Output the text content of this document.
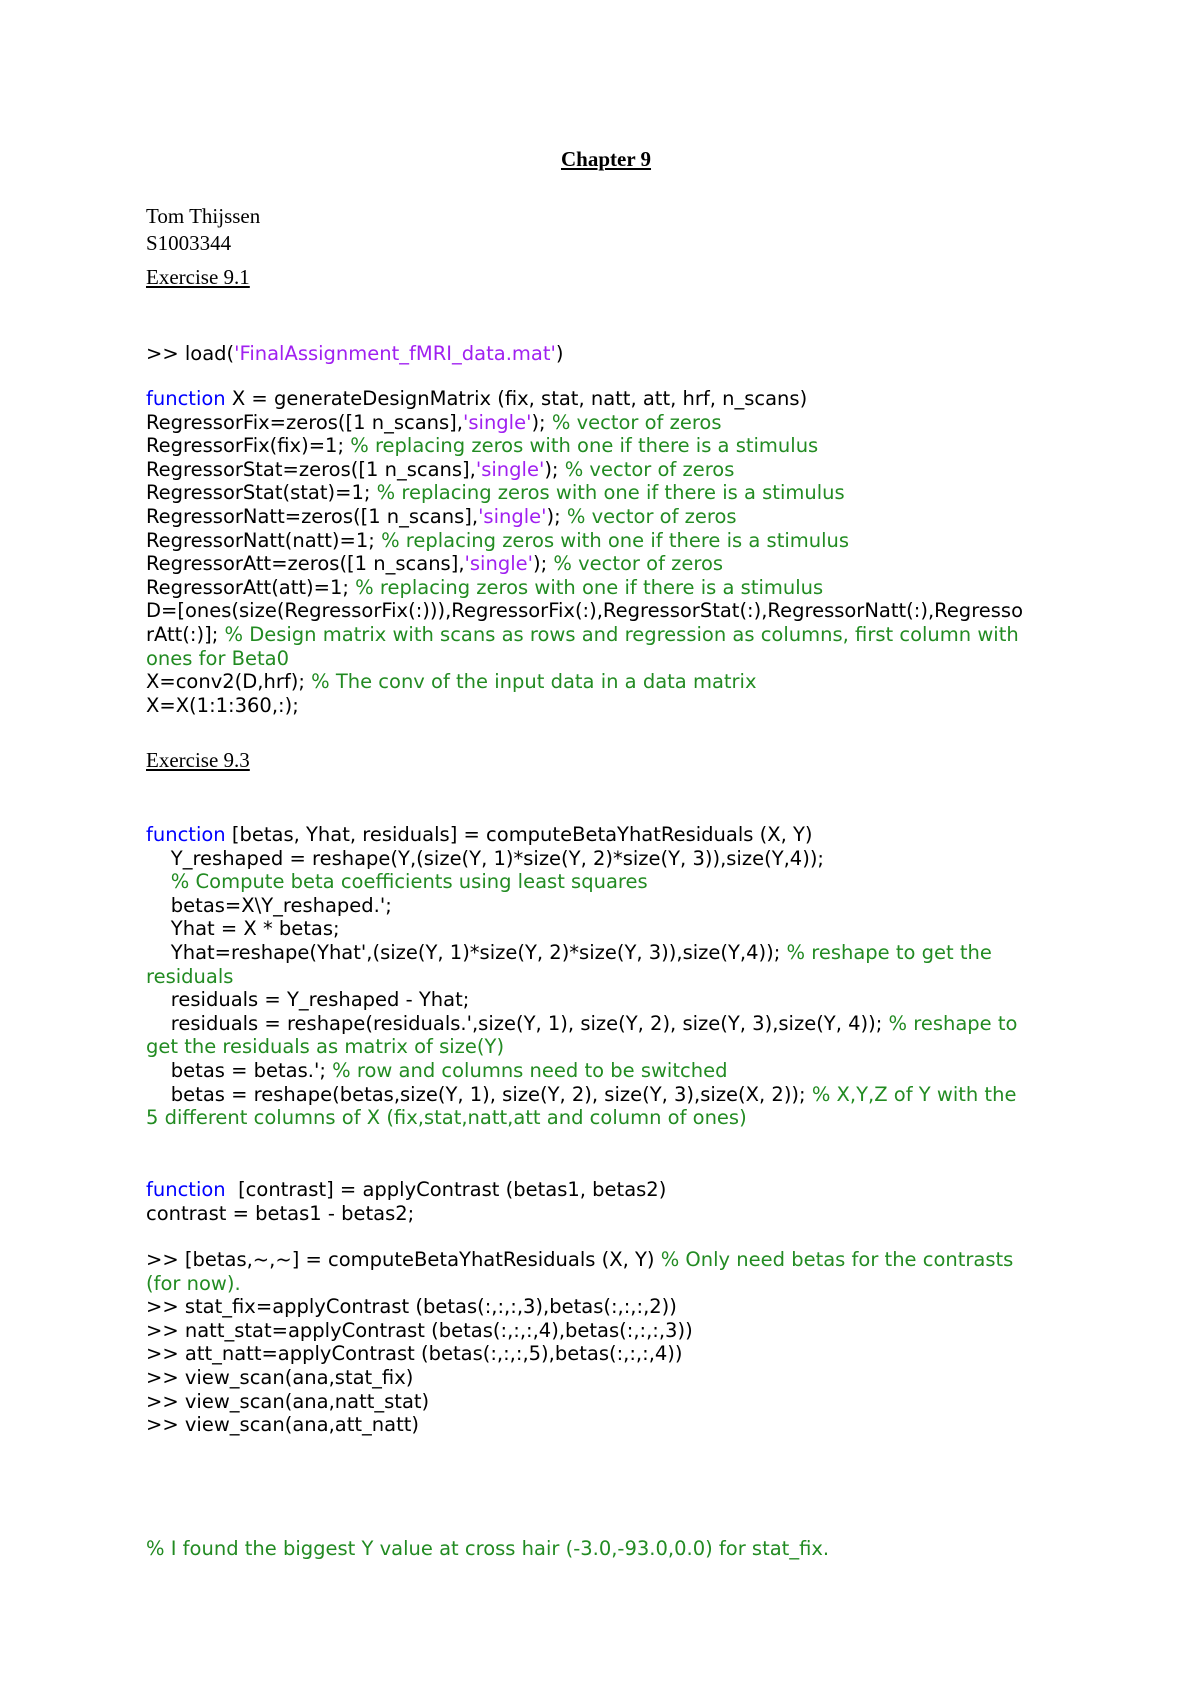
Chapter 9
Tom Thijssen
S1003344
Exercise 9.1
>> load('FinalAssignment_fMRI_data.mat')
function X = generateDesignMatrix (fix, stat, natt, att, hrf, n_scans)
RegressorFix=zeros([1 n_scans],'single'); % vector of zeros
RegressorFix(fix)=1; % replacing zeros with one if there is a stimulus
RegressorStat=zeros([1 n_scans],'single'); % vector of zeros
RegressorStat(stat)=1; % replacing zeros with one if there is a stimulus
RegressorNatt=zeros([1 n_scans],'single'); % vector of zeros
RegressorNatt(natt)=1; % replacing zeros with one if there is a stimulus
RegressorAtt=zeros([1 n_scans],'single'); % vector of zeros
RegressorAtt(att)=1; % replacing zeros with one if there is a stimulus
D=[ones(size(RegressorFix(:))),RegressorFix(:),RegressorStat(:),RegressorNatt(:),Regresso
rAtt(:)]; % Design matrix with scans as rows and regression as columns, first column with
ones for Beta0
X=conv2(D,hrf); % The conv of the input data in a data matrix
X=X(1:1:360,:);
Exercise 9.3
function [betas, Yhat, residuals] = computeBetaYhatResiduals (X, Y)
Y_reshaped = reshape(Y,(size(Y, 1)*size(Y, 2)*size(Y, 3)),size(Y,4));
% Compute beta coefficients using least squares
betas=X\Y_reshaped.';
Yhat = X * betas;
Yhat=reshape(Yhat',(size(Y, 1)*size(Y, 2)*size(Y, 3)),size(Y,4)); % reshape to get the
residuals
residuals = Y_reshaped - Yhat;
residuals = reshape(residuals.',size(Y, 1), size(Y, 2), size(Y, 3),size(Y, 4)); % reshape to
get the residuals as matrix of size(Y)
betas = betas.'; % row and columns need to be switched
betas = reshape(betas,size(Y, 1), size(Y, 2), size(Y, 3),size(X, 2)); % X,Y,Z of Y with the
5 different columns of X (fix,stat,natt,att and column of ones)
function  [contrast] = applyContrast (betas1, betas2)
contrast = betas1 - betas2;
>> [betas,~,~] = computeBetaYhatResiduals (X, Y) % Only need betas for the contrasts
(for now).
>> stat_fix=applyContrast (betas(:,:,:,3),betas(:,:,:,2))
>> natt_stat=applyContrast (betas(:,:,:,4),betas(:,:,:,3))
>> att_natt=applyContrast (betas(:,:,:,5),betas(:,:,:,4))
>> view_scan(ana,stat_fix)
>> view_scan(ana,natt_stat)
>> view_scan(ana,att_natt)
% I found the biggest Y value at cross hair (-3.0,-93.0,0.0) for stat_fix.
